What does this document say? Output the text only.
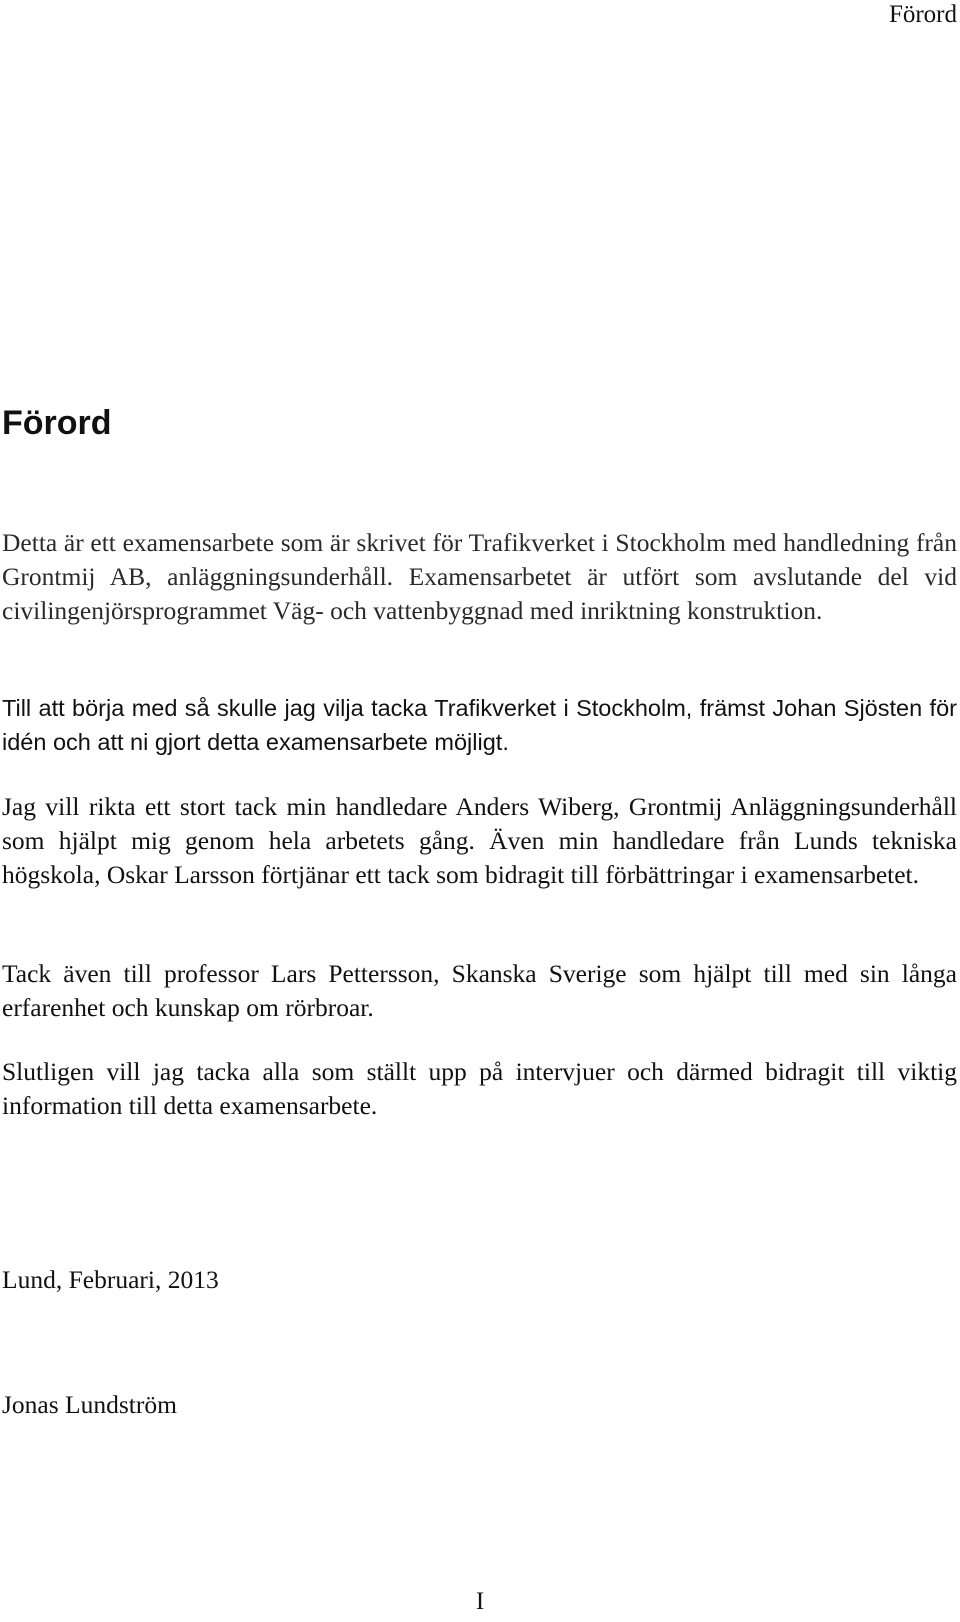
Förord

Förord

Detta är ett examensarbete som är skrivet för Trafikverket i Stockholm med handledning från Grontmij AB, anläggningsunderhåll. Examensarbetet är utfört som avslutande del vid civilingenjörsprogrammet Väg- och vattenbyggnad med inriktning konstruktion.

Till att börja med så skulle jag vilja tacka Trafikverket i Stockholm, främst Johan Sjösten för idén och att ni gjort detta examensarbete möjligt.

Jag vill rikta ett stort tack min handledare Anders Wiberg, Grontmij Anläggningsunderhåll som hjälpt mig genom hela arbetets gång. Även min handledare från Lunds tekniska högskola, Oskar Larsson förtjänar ett tack som bidragit till förbättringar i examensarbetet.

Tack även till professor Lars Pettersson, Skanska Sverige som hjälpt till med sin långa erfarenhet och kunskap om rörbroar.

Slutligen vill jag tacka alla som ställt upp på intervjuer och därmed bidragit till viktig information till detta examensarbete.

Lund, Februari, 2013

Jonas Lundström

I
